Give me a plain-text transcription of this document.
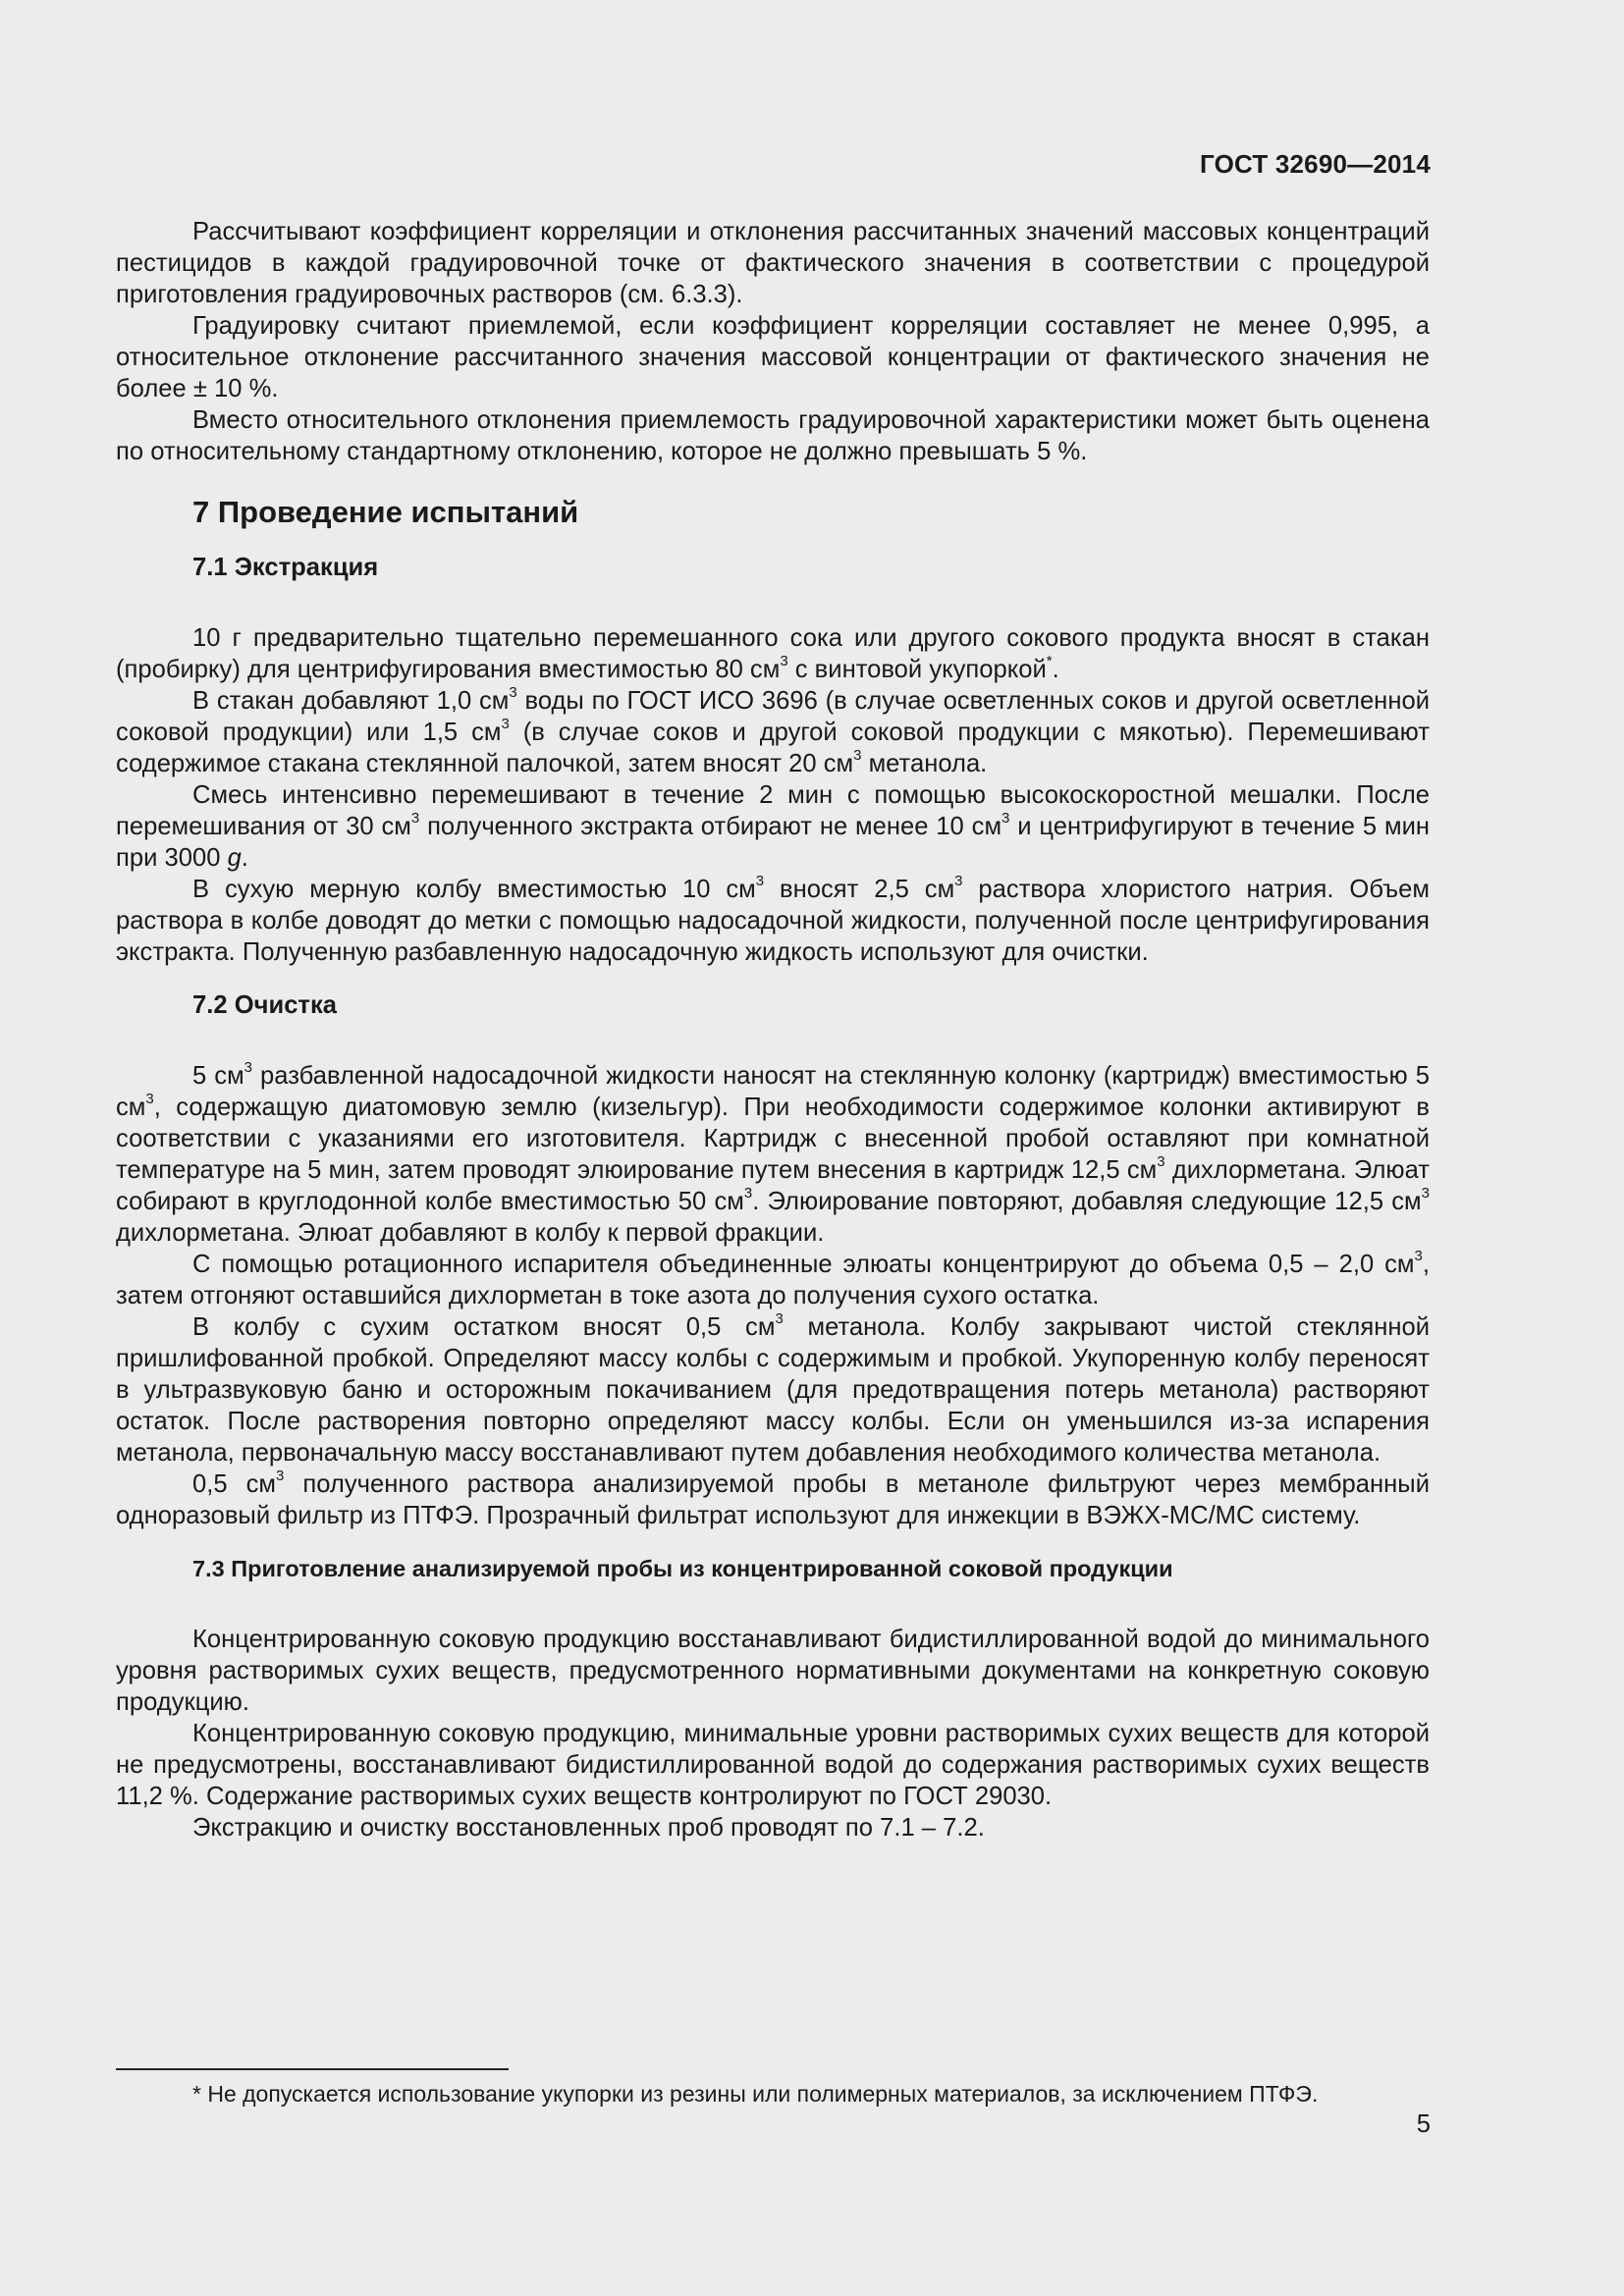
ГОСТ 32690—2014

Рассчитывают коэффициент корреляции и отклонения рассчитанных значений массовых концентраций пестицидов в каждой градуировочной точке от фактического значения в соответствии с процедурой приготовления градуировочных растворов (см. 6.3.3).

Градуировку считают приемлемой, если коэффициент корреляции составляет не менее 0,995, а относительное отклонение рассчитанного значения массовой концентрации от фактического значения не более ± 10 %.

Вместо относительного отклонения приемлемость градуировочной характеристики может быть оценена по относительному стандартному отклонению, которое не должно превышать 5 %.

7 Проведение испытаний
7.1 Экстракция

10 г предварительно тщательно перемешанного сока или другого сокового продукта вносят в стакан (пробирку) для центрифугирования вместимостью 80 $см^3$ с винтовой укупоркой*.

В стакан добавляют 1,0 $см^3$ воды по ГОСТ ИСО 3696 (в случае осветленных соков и другой осветленной соковой продукции) или 1,5 $см^3$ (в случае соков и другой соковой продукции с мякотью). Перемешивают содержимое стакана стеклянной палочкой, затем вносят 20 $см^3$ метанола.

Смесь интенсивно перемешивают в течение 2 мин с помощью высокоскоростной мешалки. После перемешивания от 30 $см^3$ полученного экстракта отбирают не менее 10 $см^3$ и центрифугируют в течение 5 мин при 3000 g.

В сухую мерную колбу вместимостью 10 $см^3$ вносят 2,5 $см^3$ раствора хлористого натрия. Объем раствора в колбе доводят до метки с помощью надосадочной жидкости, полученной после центрифугирования экстракта. Полученную разбавленную надосадочную жидкость используют для очистки.

7.2 Очистка

5 $см^3$ разбавленной надосадочной жидкости наносят на стеклянную колонку (картридж) вместимостью 5 $см^3$, содержащую диатомовую землю (кизельгур). При необходимости содержимое колонки активируют в соответствии с указаниями его изготовителя. Картридж с внесенной пробой оставляют при комнатной температуре на 5 мин, затем проводят элюирование путем внесения в картридж 12,5 $см^3$ дихлорметана. Элюат собирают в круглодонной колбе вместимостью 50 $см^3$. Элюирование повторяют, добавляя следующие 12,5 $см^3$ дихлорметана. Элюат добавляют в колбу к первой фракции.

С помощью ротационного испарителя объединенные элюаты концентрируют до объема 0,5 – 2,0 $см^3$, затем отгоняют оставшийся дихлорметан в токе азота до получения сухого остатка.

В колбу с сухим остатком вносят 0,5 $см^3$ метанола. Колбу закрывают чистой стеклянной пришлифованной пробкой. Определяют массу колбы с содержимым и пробкой. Укупоренную колбу переносят в ультразвуковую баню и осторожным покачиванием (для предотвращения потерь метанола) растворяют остаток. После растворения повторно определяют массу колбы. Если он уменьшился из-за испарения метанола, первоначальную массу восстанавливают путем добавления необходимого количества метанола.

0,5 $см^3$ полученного раствора анализируемой пробы в метаноле фильтруют через мембранный одноразовый фильтр из ПТФЭ. Прозрачный фильтрат используют для инжекции в ВЭЖХ-МС/МС систему.

7.3 Приготовление анализируемой пробы из концентрированной соковой продукции

Концентрированную соковую продукцию восстанавливают бидистиллированной водой до минимального уровня растворимых сухих веществ, предусмотренного нормативными документами на конкретную соковую продукцию.

Концентрированную соковую продукцию, минимальные уровни растворимых сухих веществ для которой не предусмотрены, восстанавливают бидистиллированной водой до содержания растворимых сухих веществ 11,2 %. Содержание растворимых сухих веществ контролируют по ГОСТ 29030.

Экстракцию и очистку восстановленных проб проводят по 7.1 – 7.2.

* Не допускается использование укупорки из резины или полимерных материалов, за исключением ПТФЭ.
5
